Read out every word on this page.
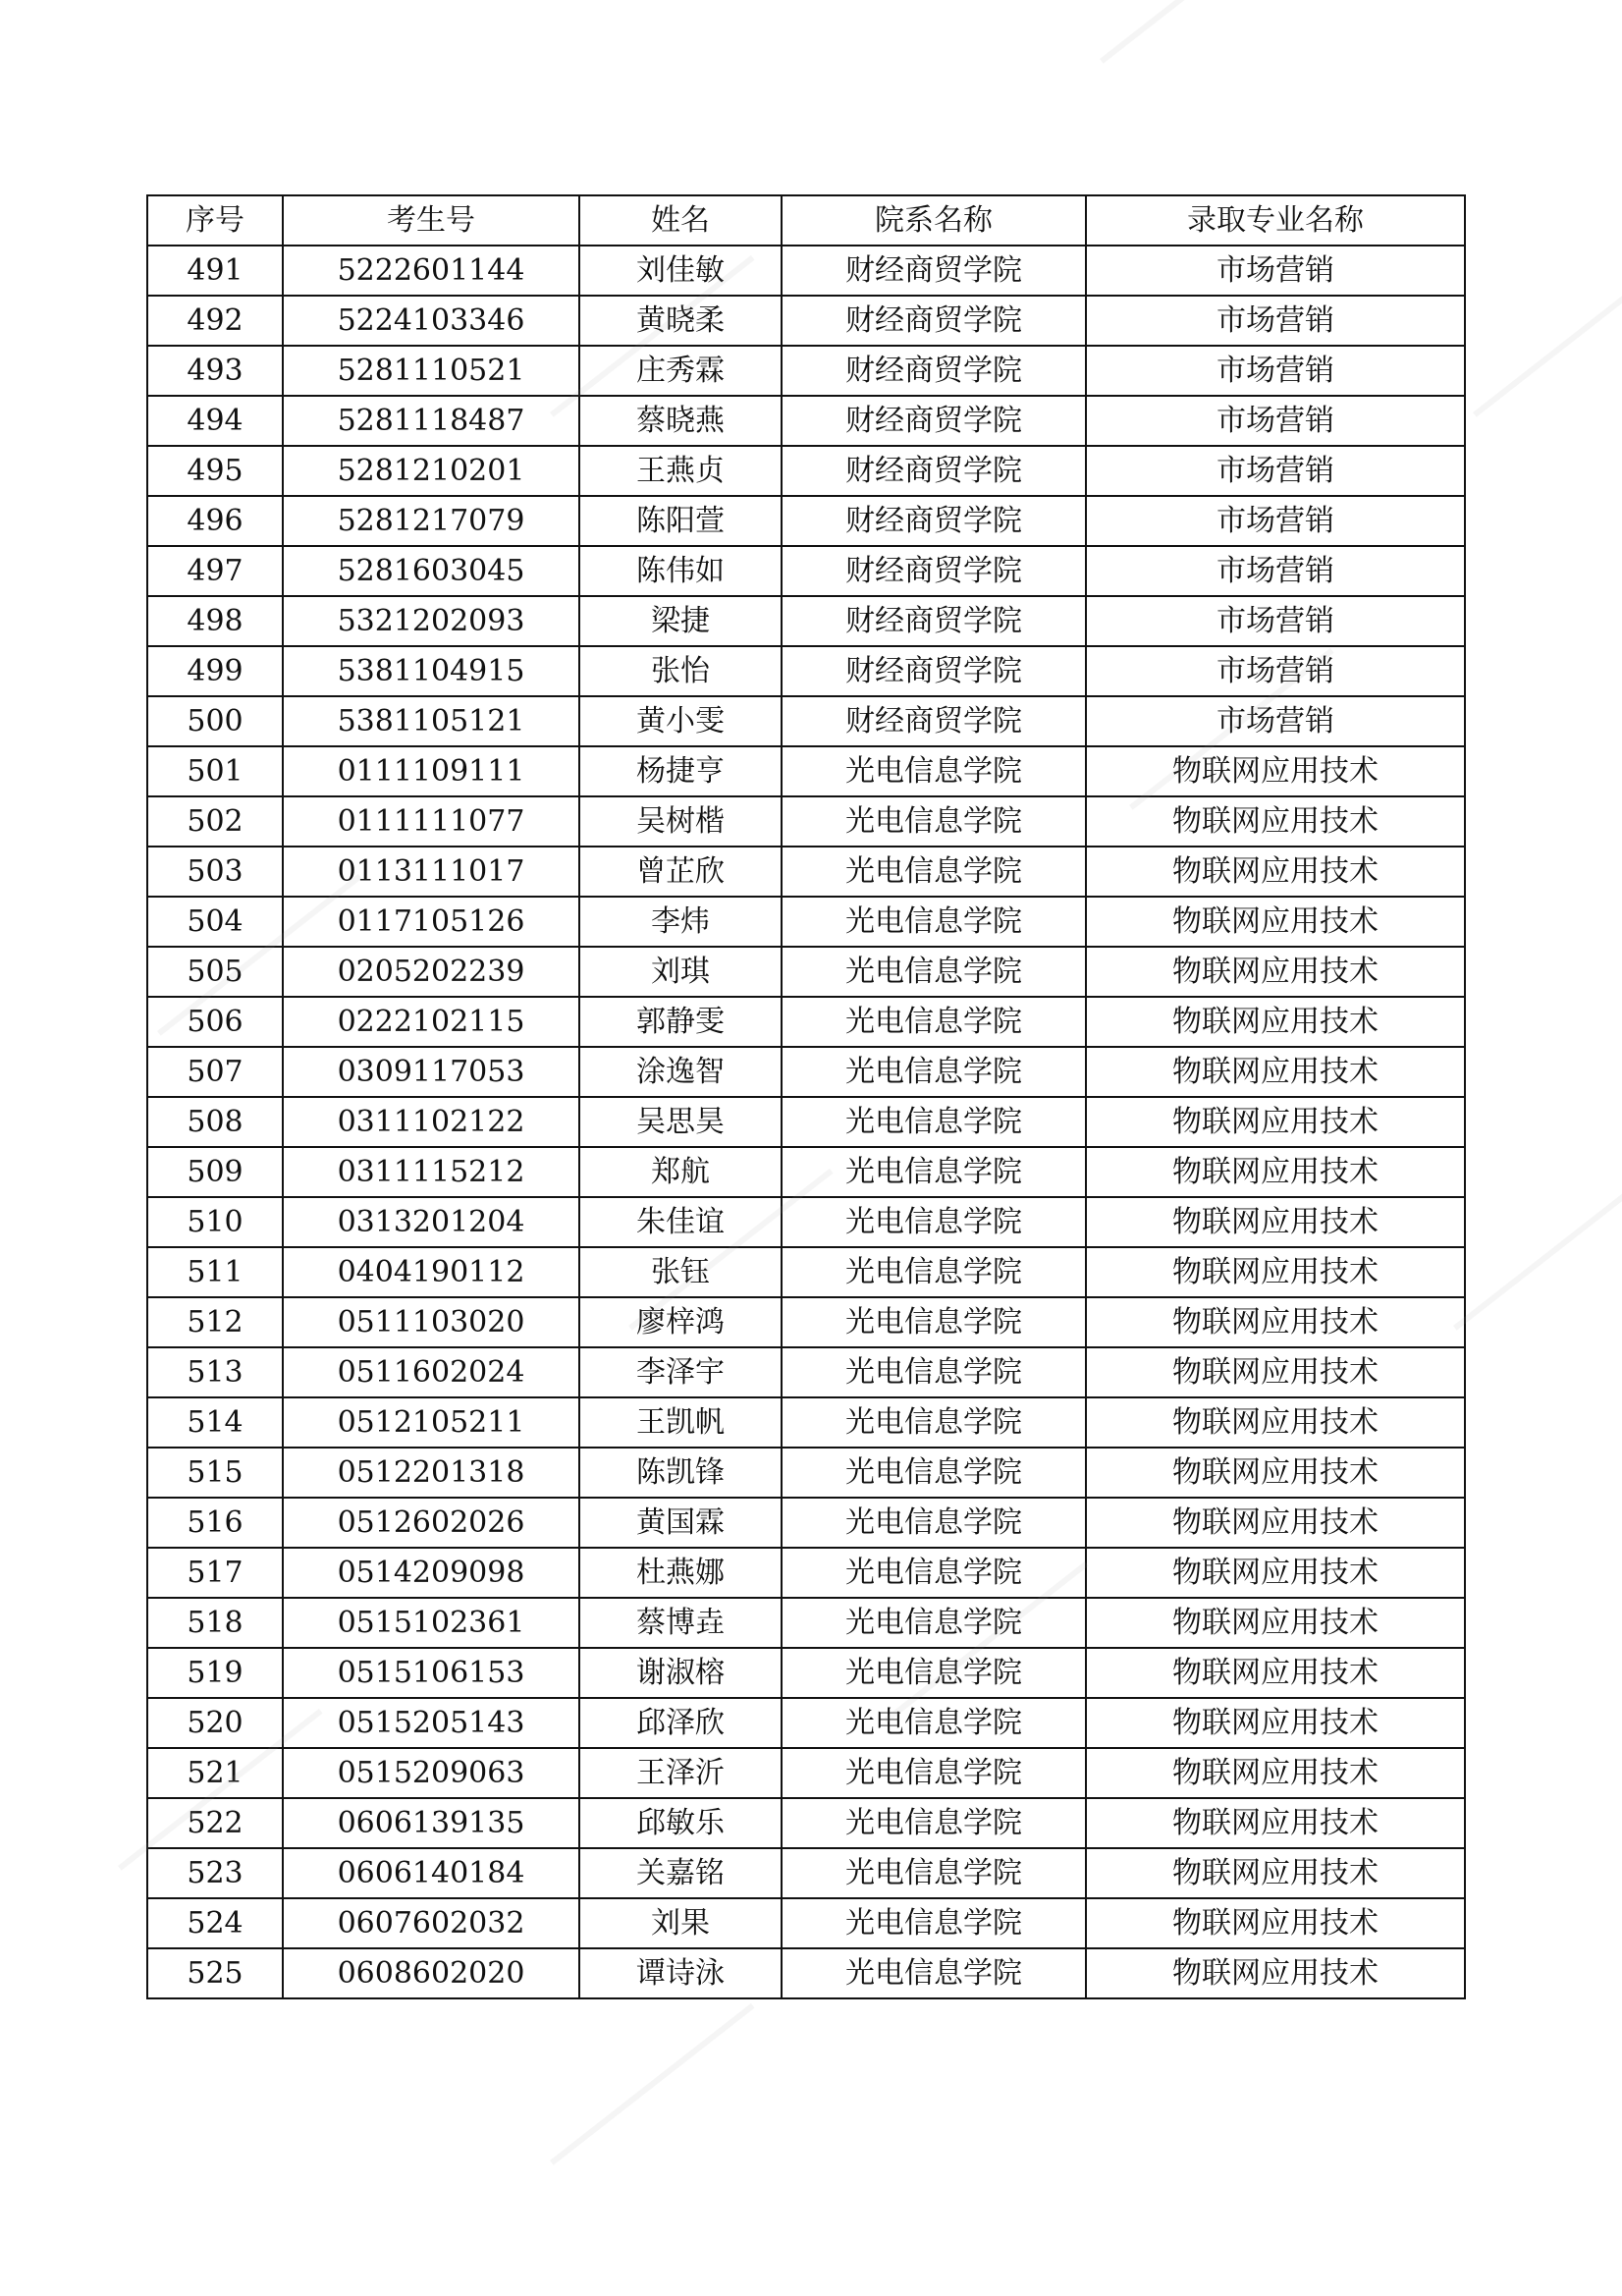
序号	考生号	姓名	院系名称	录取专业名称
491	5222601144	刘佳敏	财经商贸学院	市场营销
492	5224103346	黄晓柔	财经商贸学院	市场营销
493	5281110521	庄秀霖	财经商贸学院	市场营销
494	5281118487	蔡晓燕	财经商贸学院	市场营销
495	5281210201	王燕贞	财经商贸学院	市场营销
496	5281217079	陈阳萱	财经商贸学院	市场营销
497	5281603045	陈伟如	财经商贸学院	市场营销
498	5321202093	梁捷	财经商贸学院	市场营销
499	5381104915	张怡	财经商贸学院	市场营销
500	5381105121	黄小雯	财经商贸学院	市场营销
501	0111109111	杨捷亨	光电信息学院	物联网应用技术
502	0111111077	吴树楷	光电信息学院	物联网应用技术
503	0113111017	曾芷欣	光电信息学院	物联网应用技术
504	0117105126	李炜	光电信息学院	物联网应用技术
505	0205202239	刘琪	光电信息学院	物联网应用技术
506	0222102115	郭静雯	光电信息学院	物联网应用技术
507	0309117053	涂逸智	光电信息学院	物联网应用技术
508	0311102122	吴思昊	光电信息学院	物联网应用技术
509	0311115212	郑航	光电信息学院	物联网应用技术
510	0313201204	朱佳谊	光电信息学院	物联网应用技术
511	0404190112	张钰	光电信息学院	物联网应用技术
512	0511103020	廖梓鸿	光电信息学院	物联网应用技术
513	0511602024	李泽宇	光电信息学院	物联网应用技术
514	0512105211	王凯帆	光电信息学院	物联网应用技术
515	0512201318	陈凯锋	光电信息学院	物联网应用技术
516	0512602026	黄国霖	光电信息学院	物联网应用技术
517	0514209098	杜燕娜	光电信息学院	物联网应用技术
518	0515102361	蔡博垚	光电信息学院	物联网应用技术
519	0515106153	谢淑榕	光电信息学院	物联网应用技术
520	0515205143	邱泽欣	光电信息学院	物联网应用技术
521	0515209063	王泽沂	光电信息学院	物联网应用技术
522	0606139135	邱敏乐	光电信息学院	物联网应用技术
523	0606140184	关嘉铭	光电信息学院	物联网应用技术
524	0607602032	刘果	光电信息学院	物联网应用技术
525	0608602020	谭诗泳	光电信息学院	物联网应用技术
